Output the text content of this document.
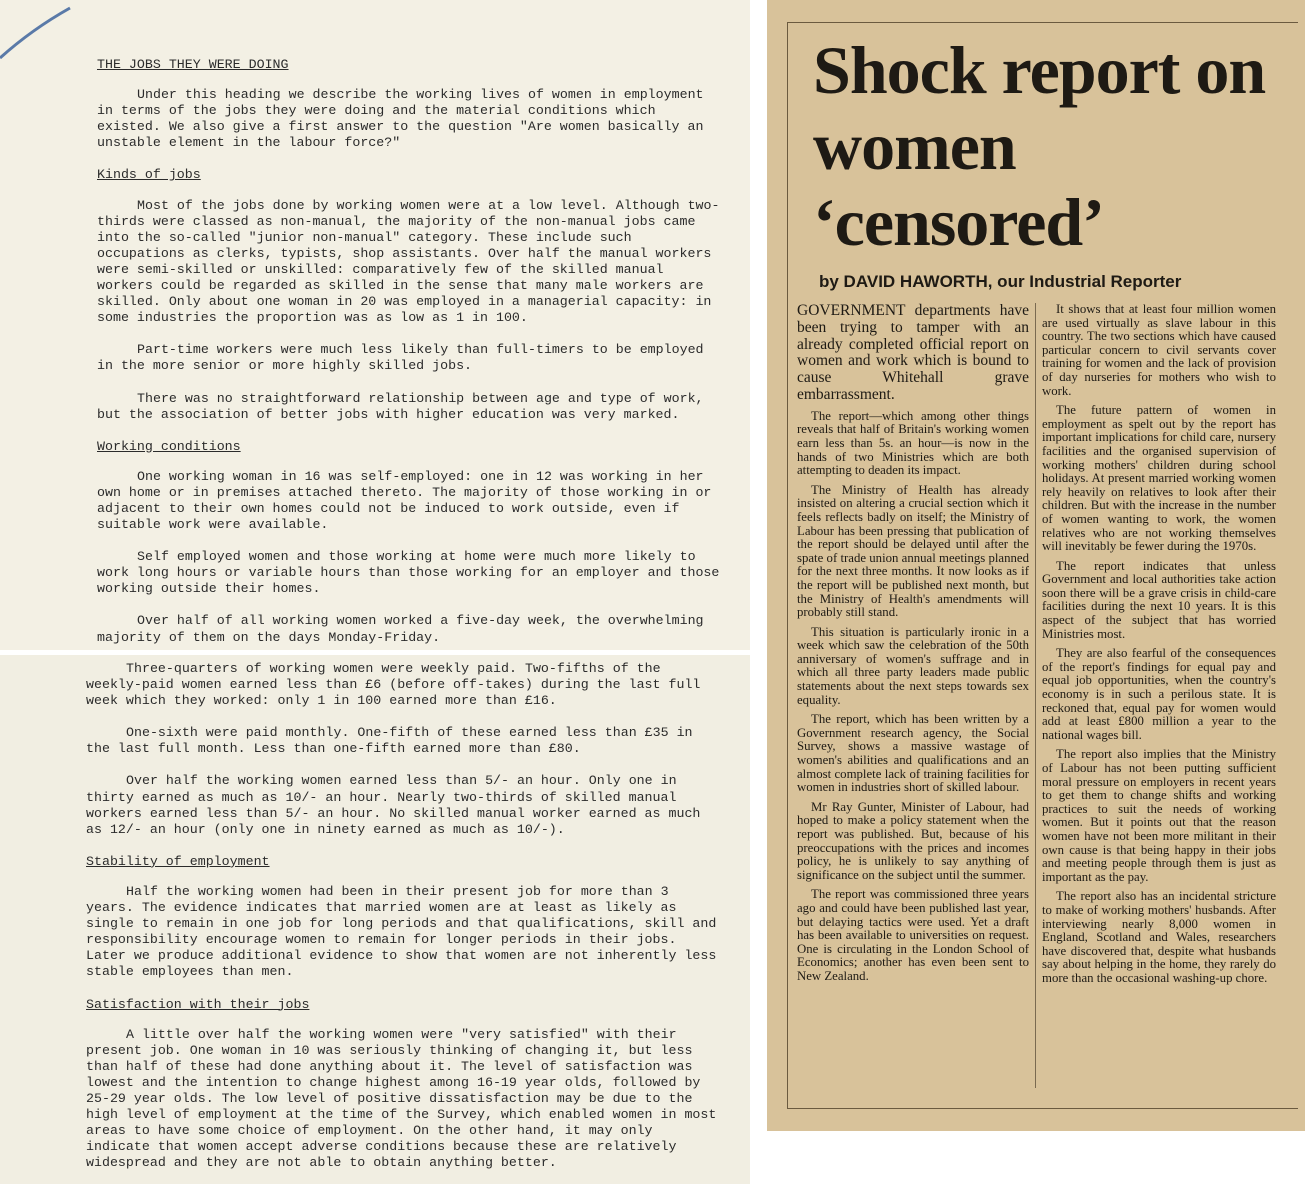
THE JOBS THEY WERE DOING

Under this heading we describe the working lives of women in employment in terms of the jobs they were doing and the material conditions which existed. We also give a first answer to the question "Are women basically an unstable element in the labour force?"

Kinds of jobs

Most of the jobs done by working women were at a low level. Although two-thirds were classed as non-manual, the majority of the non-manual jobs came into the so-called "junior non-manual" category. These include such occupations as clerks, typists, shop assistants. Over half the manual workers were semi-skilled or unskilled: comparatively few of the skilled manual workers could be regarded as skilled in the sense that many male workers are skilled. Only about one woman in 20 was employed in a managerial capacity: in some industries the proportion was as low as 1 in 100.

Part-time workers were much less likely than full-timers to be employed in the more senior or more highly skilled jobs.

There was no straightforward relationship between age and type of work, but the association of better jobs with higher education was very marked.

Working conditions

One working woman in 16 was self-employed: one in 12 was working in her own home or in premises attached thereto. The majority of those working in or adjacent to their own homes could not be induced to work outside, even if suitable work were available.

Self employed women and those working at home were much more likely to work long hours or variable hours than those working for an employer and those working outside their homes.

Over half of all working women worked a five-day week, the overwhelming majority of them on the days Monday-Friday.

Three-quarters of working women were weekly paid. Two-fifths of the weekly-paid women earned less than £6 (before off-takes) during the last full week which they worked: only 1 in 100 earned more than £16.

One-sixth were paid monthly. One-fifth of these earned less than £35 in the last full month. Less than one-fifth earned more than £80.

Over half the working women earned less than 5/- an hour. Only one in thirty earned as much as 10/- an hour. Nearly two-thirds of skilled manual workers earned less than 5/- an hour. No skilled manual worker earned as much as 12/- an hour (only one in ninety earned as much as 10/-).

Stability of employment

Half the working women had been in their present job for more than 3 years. The evidence indicates that married women are at least as likely as single to remain in one job for long periods and that qualifications, skill and responsibility encourage women to remain for longer periods in their jobs. Later we produce additional evidence to show that women are not inherently less stable employees than men.

Satisfaction with their jobs

A little over half the working women were "very satisfied" with their present job. One woman in 10 was seriously thinking of changing it, but less than half of these had done anything about it. The level of satisfaction was lowest and the intention to change highest among 16-19 year olds, followed by 25-29 year olds. The low level of positive dissatisfaction may be due to the high level of employment at the time of the Survey, which enabled women in most areas to have some choice of employment. On the other hand, it may only indicate that women accept adverse conditions because these are relatively widespread and they are not able to obtain anything better.

Shock report on women ‘censored’
by DAVID HAWORTH, our Industrial Reporter

GOVERNMENT departments have been trying to tamper with an already completed official report on women and work which is bound to cause Whitehall grave embarrassment.

The report—which among other things reveals that half of Britain's working women earn less than 5s. an hour—is now in the hands of two Ministries which are both attempting to deaden its impact.

The Ministry of Health has already insisted on altering a crucial section which it feels reflects badly on itself; the Ministry of Labour has been pressing that publication of the report should be delayed until after the spate of trade union annual meetings planned for the next three months. It now looks as if the report will be published next month, but the Ministry of Health's amendments will probably still stand.

This situation is particularly ironic in a week which saw the celebration of the 50th anniversary of women's suffrage and in which all three party leaders made public statements about the next steps towards sex equality.

The report, which has been written by a Government research agency, the Social Survey, shows a massive wastage of women's abilities and qualifications and an almost complete lack of training facilities for women in industries short of skilled labour.

Mr Ray Gunter, Minister of Labour, had hoped to make a policy statement when the report was published. But, because of his preoccupations with the prices and incomes policy, he is unlikely to say anything of significance on the subject until the summer.

The report was commissioned three years ago and could have been published last year, but delaying tactics were used. Yet a draft has been available to universities on request. One is circulating in the London School of Economics; another has even been sent to New Zealand.

It shows that at least four million women are used virtually as slave labour in this country. The two sections which have caused particular concern to civil servants cover training for women and the lack of provision of day nurseries for mothers who wish to work.

The future pattern of women in employment as spelt out by the report has important implications for child care, nursery facilities and the organised supervision of working mothers' children during school holidays. At present married working women rely heavily on relatives to look after their children. But with the increase in the number of women wanting to work, the women relatives who are not working themselves will inevitably be fewer during the 1970s.

The report indicates that unless Government and local authorities take action soon there will be a grave crisis in child-care facilities during the next 10 years. It is this aspect of the subject that has worried Ministries most.

They are also fearful of the consequences of the report's findings for equal pay and equal job opportunities, when the country's economy is in such a perilous state. It is reckoned that, equal pay for women would add at least £800 million a year to the national wages bill.

The report also implies that the Ministry of Labour has not been putting sufficient moral pressure on employers in recent years to get them to change shifts and working practices to suit the needs of working women. But it points out that the reason women have not been more militant in their own cause is that being happy in their jobs and meeting people through them is just as important as the pay.

The report also has an incidental stricture to make of working mothers' husbands. After interviewing nearly 8,000 women in England, Scotland and Wales, researchers have discovered that, despite what husbands say about helping in the home, they rarely do more than the occasional washing-up chore.
